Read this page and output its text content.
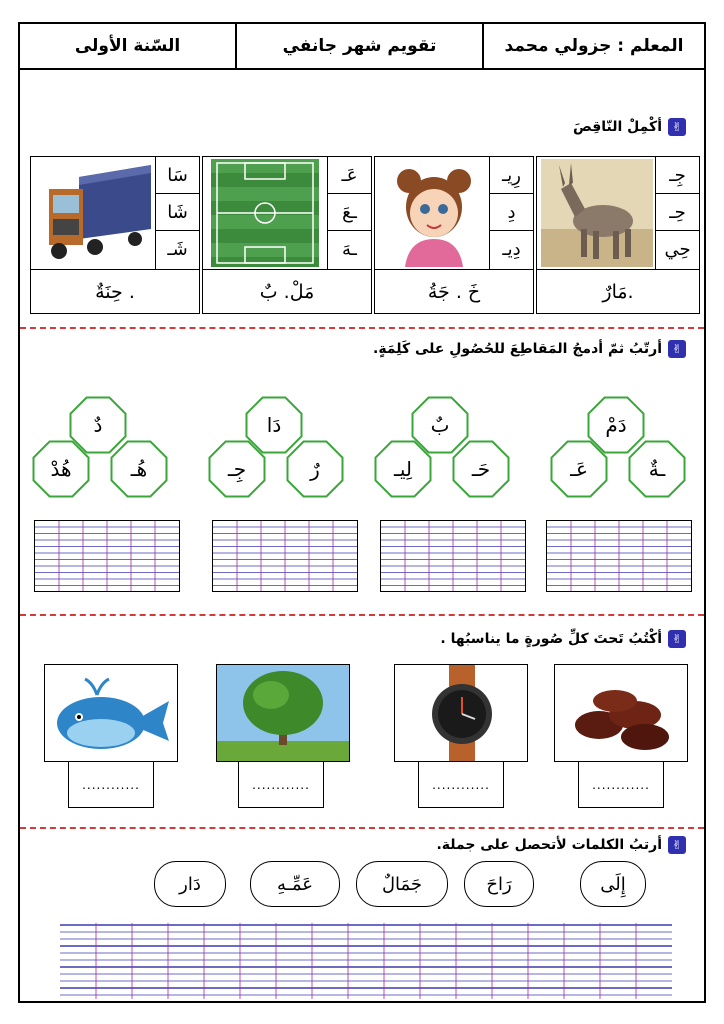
المعلم : جزولي محمد
تقويم شهر جانفي
السّنة الأولى
✌
أكْمِلْ النّاقِصَ
جِـ
حِـ
حِي
.مَارٌ
رِيـ
دِ
دِيـ
خَ . جَةُ
عَـ
ـعَ
ـهَ
مَلْ. بٌ
سَا
شَا
شَـ
. حِنَةٌ
✌
أرتّبُ ثمّ أدمجُ المَقاطِعَ للحُصُولِ على كَلِمَةٍ.
دَمْ
عَـ	ـةٌ
بٌ
لِيـ	حَـ
دَا
جِـ	رٌ
دٌ
هُدْ	هُـ
✌
أكْتُبُ تَحتَ كلِّ صُورةٍ ما يناسبُها .
............
............
............
............
✌
أرتبُ الكلمات لأتحصل على جملة.
إِلَى
رَاحَ
جَمَالٌ
عَمِّـهِ
دَار
